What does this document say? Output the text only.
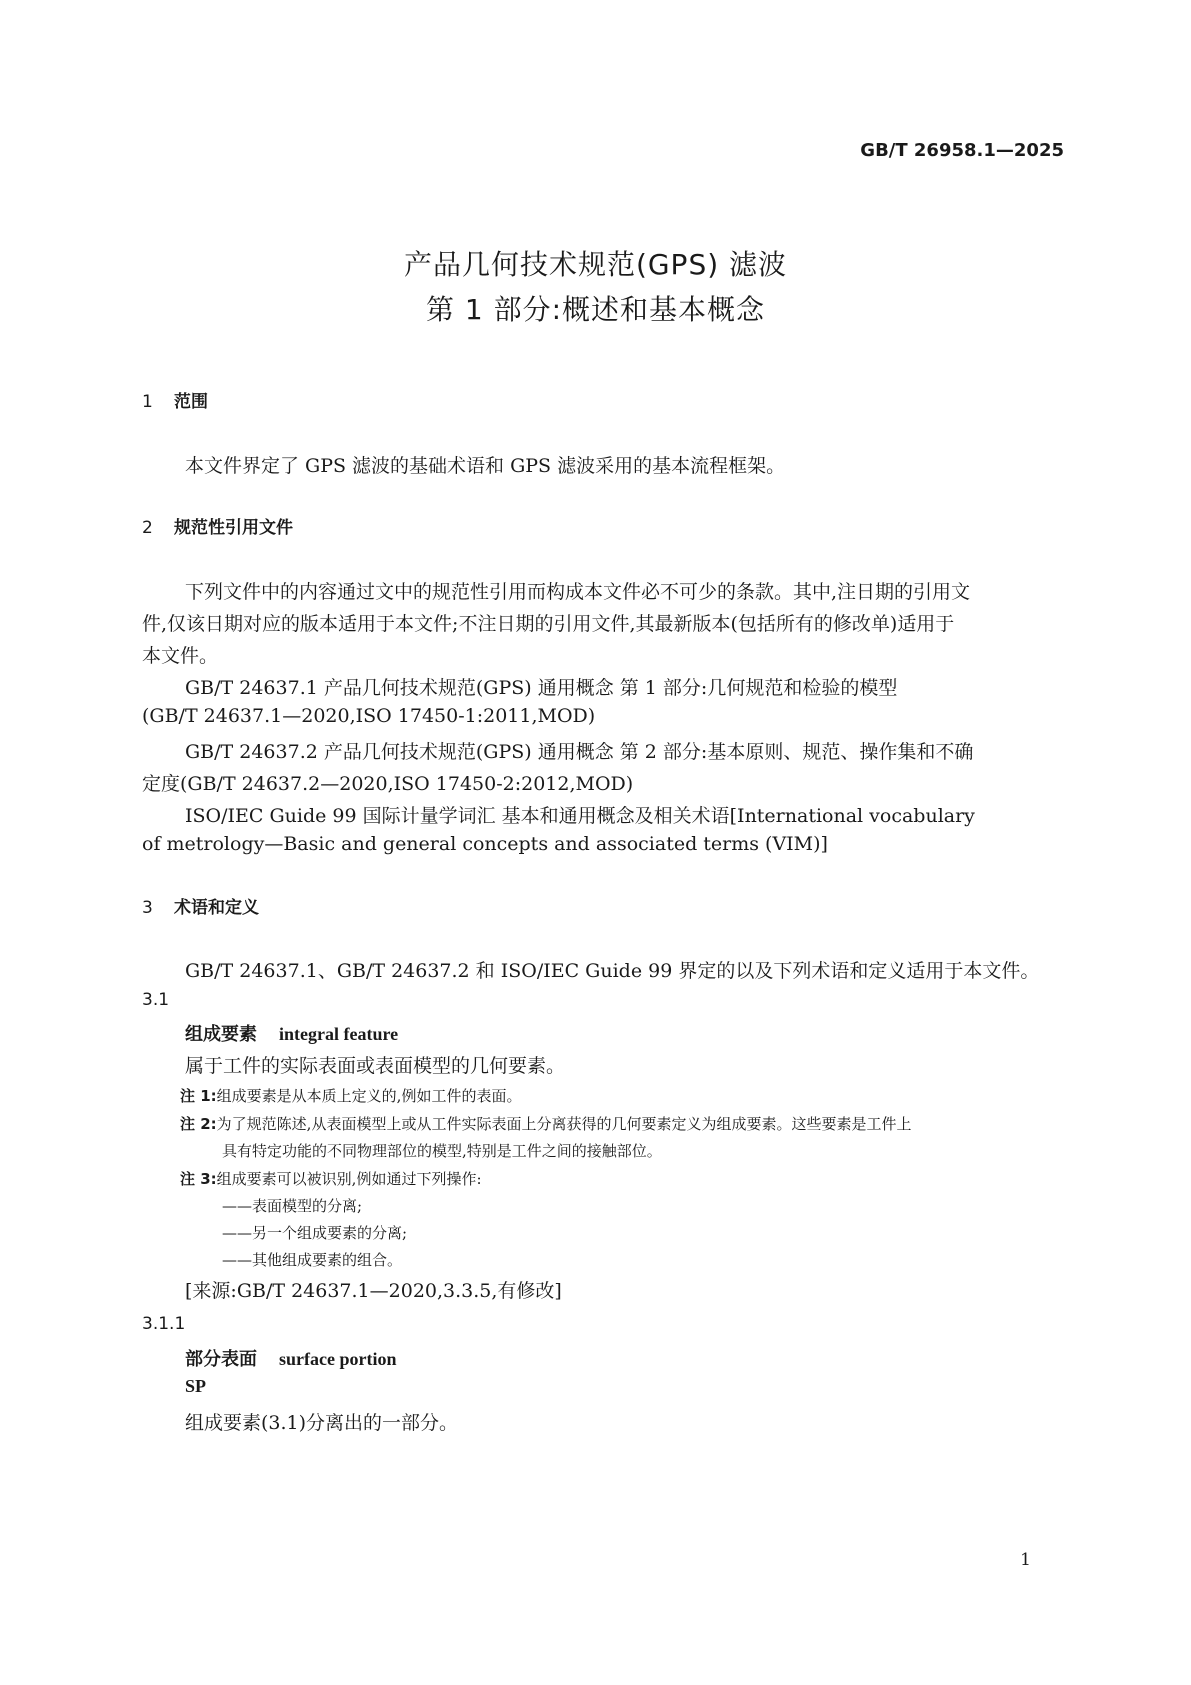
GB/T 26958.1—2025
产品几何技术规范(GPS) 滤波
第 1 部分:概述和基本概念
1 范围
本文件界定了 GPS 滤波的基础术语和 GPS 滤波采用的基本流程框架。
2 规范性引用文件
下列文件中的内容通过文中的规范性引用而构成本文件必不可少的条款。其中,注日期的引用文
件,仅该日期对应的版本适用于本文件;不注日期的引用文件,其最新版本(包括所有的修改单)适用于
本文件。
GB/T 24637.1 产品几何技术规范(GPS) 通用概念 第 1 部分:几何规范和检验的模型
(GB/T 24637.1—2020,ISO 17450-1:2011,MOD)
GB/T 24637.2 产品几何技术规范(GPS) 通用概念 第 2 部分:基本原则、规范、操作集和不确
定度(GB/T 24637.2—2020,ISO 17450-2:2012,MOD)
ISO/IEC Guide 99 国际计量学词汇 基本和通用概念及相关术语[International vocabulary
of metrology—Basic and general concepts and associated terms (VIM)]
3 术语和定义
GB/T 24637.1、GB/T 24637.2 和 ISO/IEC Guide 99 界定的以及下列术语和定义适用于本文件。
3.1
组成要素 integral feature
属于工件的实际表面或表面模型的几何要素。
注 1:组成要素是从本质上定义的,例如工件的表面。
注 2:为了规范陈述,从表面模型上或从工件实际表面上分离获得的几何要素定义为组成要素。这些要素是工件上
具有特定功能的不同物理部位的模型,特别是工件之间的接触部位。
注 3:组成要素可以被识别,例如通过下列操作:
——表面模型的分离;
——另一个组成要素的分离;
——其他组成要素的组合。
[来源:GB/T 24637.1—2020,3.3.5,有修改]
3.1.1
部分表面 surface portion
SP
组成要素(3.1)分离出的一部分。
1
